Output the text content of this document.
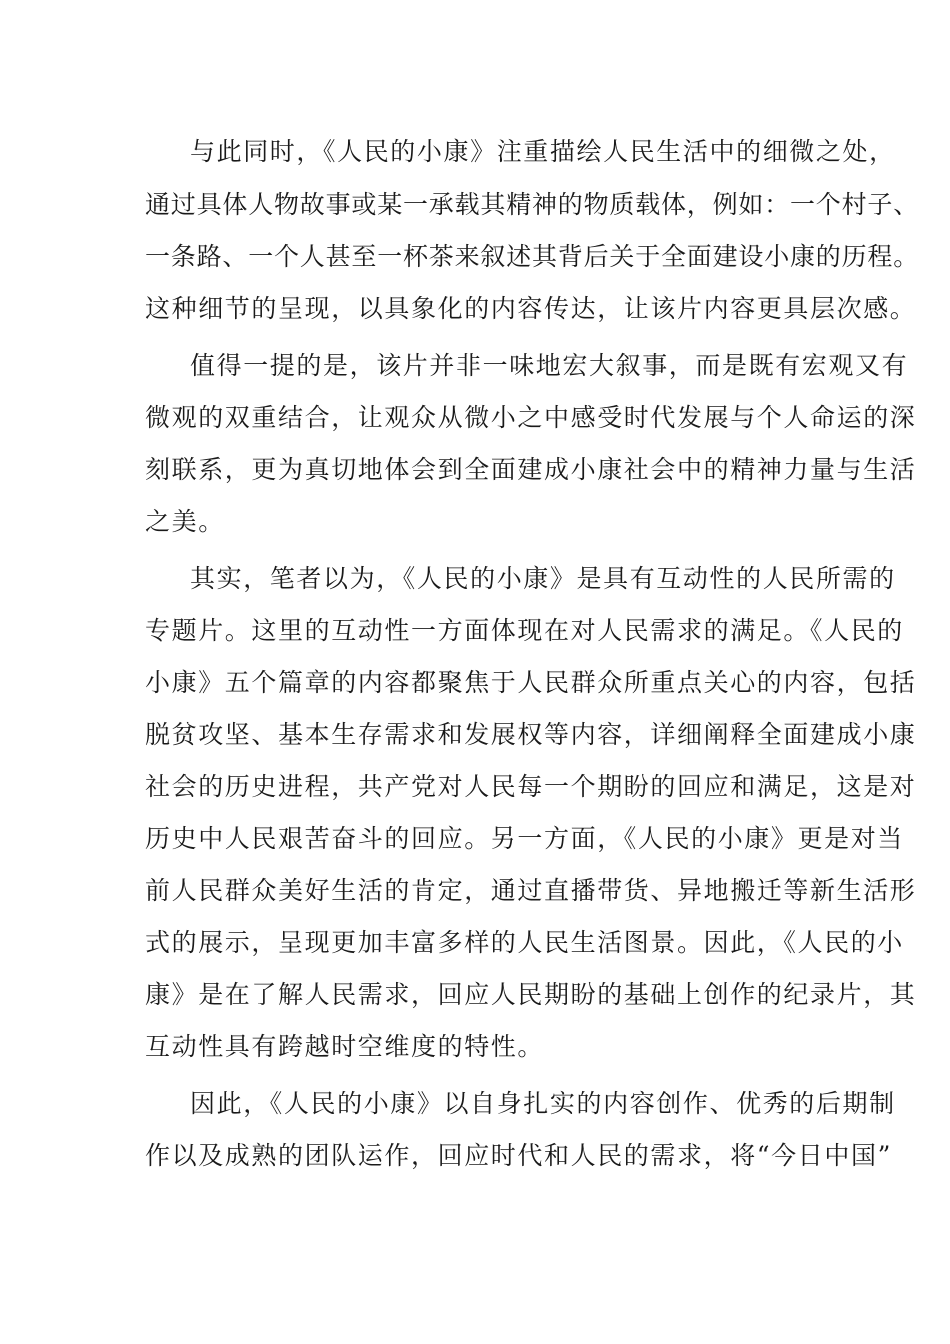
与此同时，《人民的小康》注重描绘人民生活中的细微之处，
通过具体人物故事或某一承载其精神的物质载体，例如：一个村子、
一条路、一个人甚至一杯茶来叙述其背后关于全面建设小康的历程。
这种细节的呈现，以具象化的内容传达，让该片内容更具层次感。
值得一提的是，该片并非一味地宏大叙事，而是既有宏观又有
微观的双重结合，让观众从微小之中感受时代发展与个人命运的深
刻联系，更为真切地体会到全面建成小康社会中的精神力量与生活
之美。
其实，笔者以为，《人民的小康》是具有互动性的人民所需的
专题片。这里的互动性一方面体现在对人民需求的满足。《人民的
小康》五个篇章的内容都聚焦于人民群众所重点关心的内容，包括
脱贫攻坚、基本生存需求和发展权等内容，详细阐释全面建成小康
社会的历史进程，共产党对人民每一个期盼的回应和满足，这是对
历史中人民艰苦奋斗的回应。另一方面，《人民的小康》更是对当
前人民群众美好生活的肯定，通过直播带货、异地搬迁等新生活形
式的展示，呈现更加丰富多样的人民生活图景。因此，《人民的小
康》是在了解人民需求，回应人民期盼的基础上创作的纪录片，其
互动性具有跨越时空维度的特性。
因此，《人民的小康》以自身扎实的内容创作、优秀的后期制
作以及成熟的团队运作，回应时代和人民的需求，将“今日中国”
